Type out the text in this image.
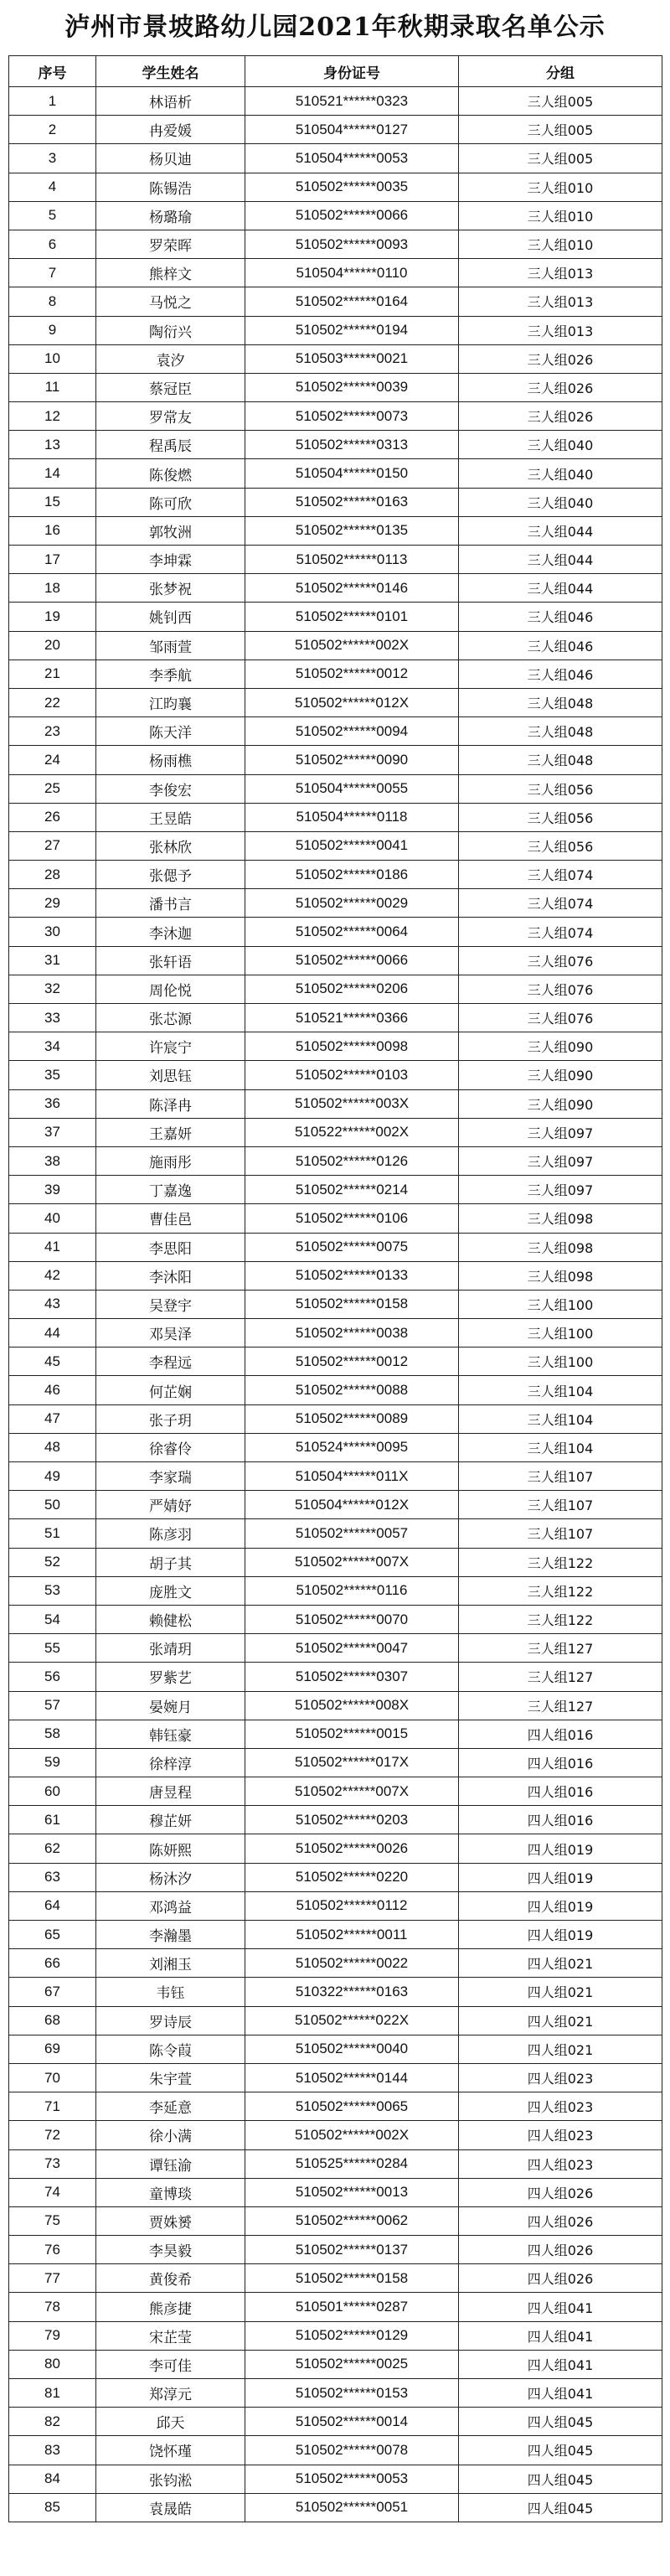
泸州市景坡路幼儿园2021年秋期录取名单公示
序号	学生姓名	身份证号	分组
1	林语析	510521******0323	三人组005
2	冉爱媛	510504******0127	三人组005
3	杨贝迪	510504******0053	三人组005
4	陈锡浩	510502******0035	三人组010
5	杨璐瑜	510502******0066	三人组010
6	罗荣晖	510502******0093	三人组010
7	熊梓文	510504******0110	三人组013
8	马悦之	510502******0164	三人组013
9	陶衍兴	510502******0194	三人组013
10	袁汐	510503******0021	三人组026
11	蔡冠臣	510502******0039	三人组026
12	罗常友	510502******0073	三人组026
13	程禹辰	510502******0313	三人组040
14	陈俊燃	510504******0150	三人组040
15	陈可欣	510502******0163	三人组040
16	郭牧洲	510502******0135	三人组044
17	李坤霖	510502******0113	三人组044
18	张梦祝	510502******0146	三人组044
19	姚钊西	510502******0101	三人组046
20	邹雨萱	510502******002X	三人组046
21	李季航	510502******0012	三人组046
22	江昀襄	510502******012X	三人组048
23	陈天洋	510502******0094	三人组048
24	杨雨樵	510502******0090	三人组048
25	李俊宏	510504******0055	三人组056
26	王昱皓	510504******0118	三人组056
27	张林欣	510502******0041	三人组056
28	张偲予	510502******0186	三人组074
29	潘书言	510502******0029	三人组074
30	李沐迦	510502******0064	三人组074
31	张轩语	510502******0066	三人组076
32	周伦悦	510502******0206	三人组076
33	张芯源	510521******0366	三人组076
34	许宸宁	510502******0098	三人组090
35	刘思钰	510502******0103	三人组090
36	陈泽冉	510502******003X	三人组090
37	王嘉妍	510522******002X	三人组097
38	施雨彤	510502******0126	三人组097
39	丁嘉逸	510502******0214	三人组097
40	曹佳邑	510502******0106	三人组098
41	李思阳	510502******0075	三人组098
42	李沐阳	510502******0133	三人组098
43	吴登宇	510502******0158	三人组100
44	邓昊泽	510502******0038	三人组100
45	李程远	510502******0012	三人组100
46	何芷娴	510502******0088	三人组104
47	张子玥	510502******0089	三人组104
48	徐睿伶	510524******0095	三人组104
49	李家瑞	510504******011X	三人组107
50	严婧妤	510504******012X	三人组107
51	陈彦羽	510502******0057	三人组107
52	胡子其	510502******007X	三人组122
53	庞胜文	510502******0116	三人组122
54	赖健松	510502******0070	三人组122
55	张靖玥	510502******0047	三人组127
56	罗紫艺	510502******0307	三人组127
57	晏婉月	510502******008X	三人组127
58	韩钰豪	510502******0015	四人组016
59	徐梓淳	510502******017X	四人组016
60	唐昱程	510502******007X	四人组016
61	穆芷妍	510502******0203	四人组016
62	陈妍熙	510502******0026	四人组019
63	杨沐汐	510502******0220	四人组019
64	邓鸿益	510502******0112	四人组019
65	李瀚墨	510502******0011	四人组019
66	刘湘玉	510502******0022	四人组021
67	韦钰	510322******0163	四人组021
68	罗诗辰	510502******022X	四人组021
69	陈令葭	510502******0040	四人组021
70	朱宇萱	510502******0144	四人组023
71	李延意	510502******0065	四人组023
72	徐小满	510502******002X	四人组023
73	谭钰渝	510525******0284	四人组023
74	童博琰	510502******0013	四人组026
75	贾姝赟	510502******0062	四人组026
76	李昊毅	510502******0137	四人组026
77	黄俊希	510502******0158	四人组026
78	熊彦捷	510501******0287	四人组041
79	宋芷莹	510502******0129	四人组041
80	李可佳	510502******0025	四人组041
81	郑淳元	510502******0153	四人组041
82	邱天	510502******0014	四人组045
83	饶怀瑾	510502******0078	四人组045
84	张钧淞	510502******0053	四人组045
85	袁晟皓	510502******0051	四人组045
